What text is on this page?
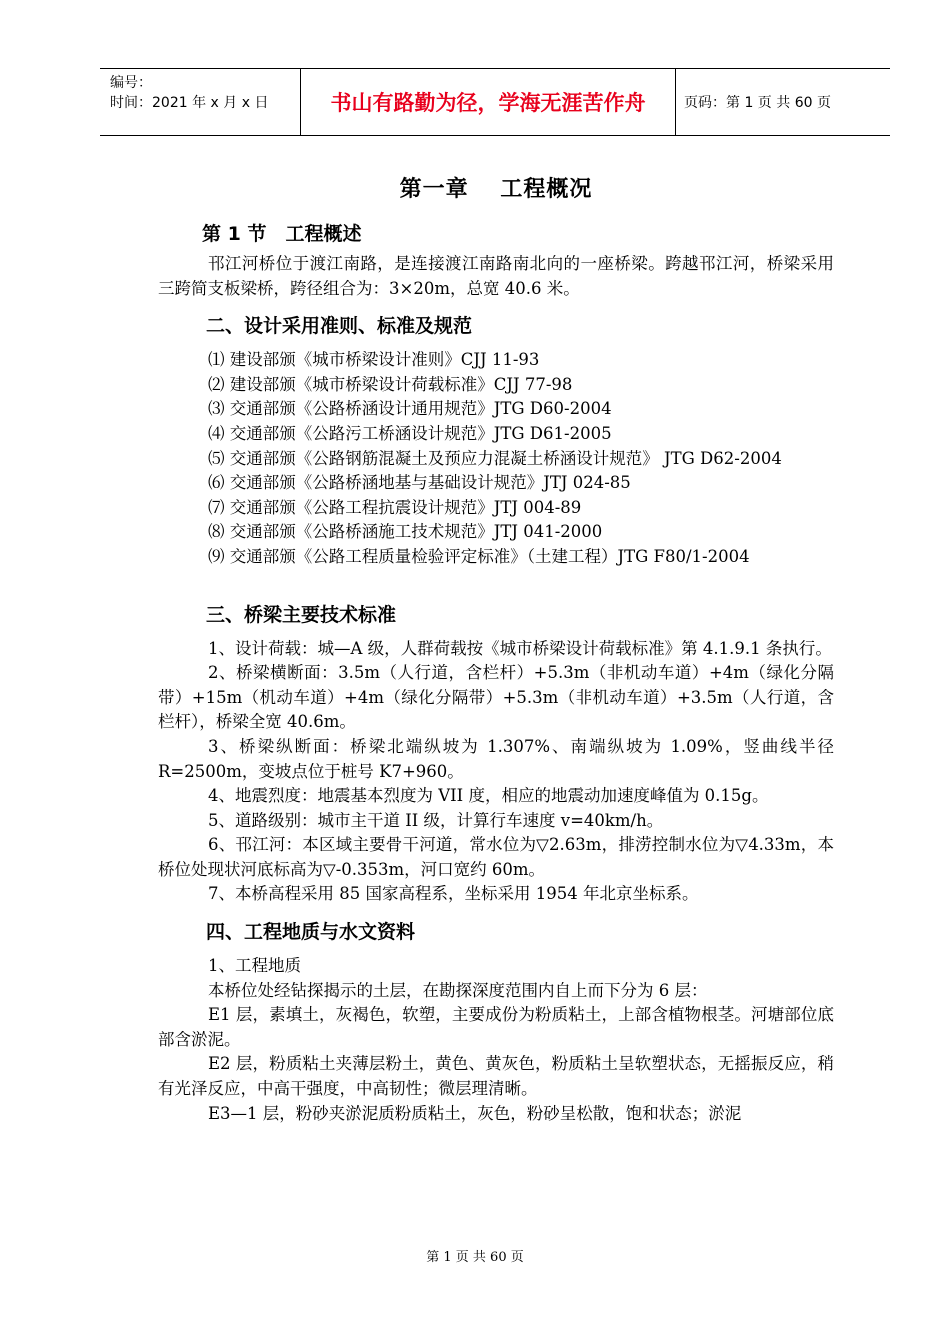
编号：
时间：2021 年 x 月 x 日	书山有路勤为径，学海无涯苦作舟	页码：第 1 页 共 60 页
第一章　 工程概况
第 1 节　工程概述

邗江河桥位于渡江南路，是连接渡江南路南北向的一座桥梁。跨越邗江河，桥梁采用三跨简支板梁桥，跨径组合为：3×20m，总宽 40.6 米。

二、设计采用准则、标准及规范
⑴ 建设部颁《城市桥梁设计准则》CJJ 11-93
⑵ 建设部颁《城市桥梁设计荷载标准》CJJ 77-98
⑶ 交通部颁《公路桥涵设计通用规范》JTG D60-2004
⑷ 交通部颁《公路污工桥涵设计规范》JTG D61-2005
⑸ 交通部颁《公路钢筋混凝土及预应力混凝土桥涵设计规范》 JTG D62-2004
⑹ 交通部颁《公路桥涵地基与基础设计规范》JTJ 024-85
⑺ 交通部颁《公路工程抗震设计规范》JTJ 004-89
⑻ 交通部颁《公路桥涵施工技术规范》JTJ 041-2000
⑼ 交通部颁《公路工程质量检验评定标准》（土建工程）JTG F80/1-2004
三、桥梁主要技术标准

1、设计荷载：城—A 级，人群荷载按《城市桥梁设计荷载标准》第 4.1.9.1 条执行。

2、桥梁横断面：3.5m（人行道，含栏杆）+5.3m（非机动车道）+4m（绿化分隔带）+15m（机动车道）+4m（绿化分隔带）+5.3m（非机动车道）+3.5m（人行道，含栏杆），桥梁全宽 40.6m。

3、桥梁纵断面：桥梁北端纵坡为 1.307%、南端纵坡为 1.09%，竖曲线半径 R=2500m，变坡点位于桩号 K7+960。

4、地震烈度：地震基本烈度为 VII 度，相应的地震动加速度峰值为 0.15g。

5、道路级别：城市主干道 II 级，计算行车速度 v=40km/h。

6、邗江河：本区域主要骨干河道，常水位为▽2.63m，排涝控制水位为▽4.33m，本桥位处现状河底标高为▽-0.353m，河口宽约 60m。

7、本桥高程采用 85 国家高程系，坐标采用 1954 年北京坐标系。

四、工程地质与水文资料

1、工程地质

本桥位处经钻探揭示的土层，在勘探深度范围内自上而下分为 6 层：

E1 层，素填土，灰褐色，软塑，主要成份为粉质粘土，上部含植物根茎。河塘部位底部含淤泥。

E2 层，粉质粘土夹薄层粉土，黄色、黄灰色，粉质粘土呈软塑状态，无摇振反应，稍有光泽反应，中高干强度，中高韧性；微层理清晰。

E3—1 层，粉砂夹淤泥质粉质粘土，灰色，粉砂呈松散，饱和状态；淤泥

第 1 页 共 60 页
